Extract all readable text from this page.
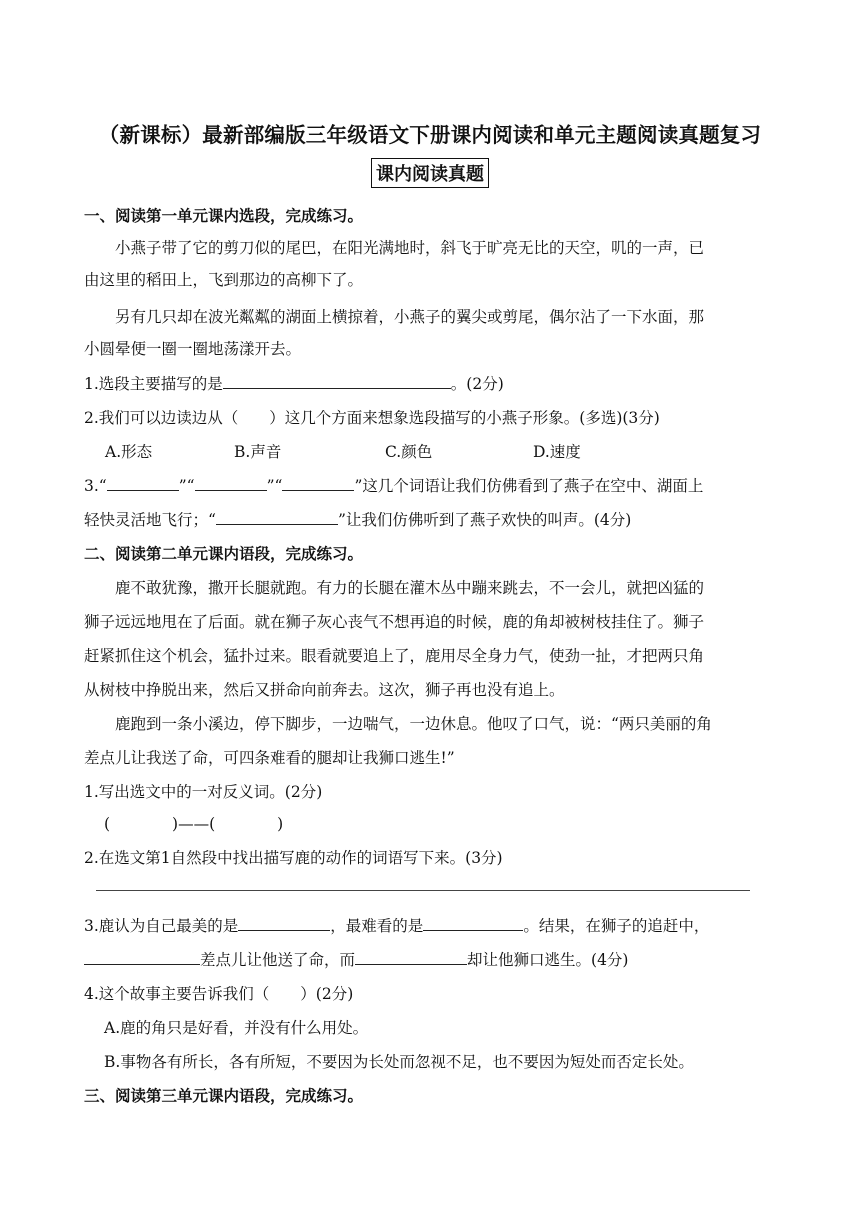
（新课标）最新部编版三年级语文下册课内阅读和单元主题阅读真题复习
课内阅读真题
一、阅读第一单元课内选段，完成练习。
小燕子带了它的剪刀似的尾巴，在阳光满地时，斜飞于旷亮无比的天空，叽的一声，已
由这里的稻田上，飞到那边的高柳下了。
另有几只却在波光粼粼的湖面上横掠着，小燕子的翼尖或剪尾，偶尔沾了一下水面，那
小圆晕便一圈一圈地荡漾开去。
1.选段主要描写的是	。(2分)
2.我们可以边读边从（　　）这几个方面来想象选段描写的小燕子形象。(多选)(3分)
A.形态	B.声音	C.颜色	D.速度
3.“	”“	”“	”这几个词语让我们仿佛看到了燕子在空中、湖面上
轻快灵活地飞行；“	”让我们仿佛听到了燕子欢快的叫声。(4分)
二、阅读第二单元课内语段，完成练习。
鹿不敢犹豫，撒开长腿就跑。有力的长腿在灌木丛中蹦来跳去，不一会儿，就把凶猛的
狮子远远地甩在了后面。就在狮子灰心丧气不想再追的时候，鹿的角却被树枝挂住了。狮子
赶紧抓住这个机会，猛扑过来。眼看就要追上了，鹿用尽全身力气，使劲一扯，才把两只角
从树枝中挣脱出来，然后又拼命向前奔去。这次，狮子再也没有追上。
鹿跑到一条小溪边，停下脚步，一边喘气，一边休息。他叹了口气，说：“两只美丽的角
差点儿让我送了命，可四条难看的腿却让我狮口逃生!”
1.写出选文中的一对反义词。(2分)
(　　　　)——(　　　　)
2.在选文第1自然段中找出描写鹿的动作的词语写下来。(3分)
3.鹿认为自己最美的是	，最难看的是	。结果，在狮子的追赶中，
差点儿让他送了命，而	却让他狮口逃生。(4分)
4.这个故事主要告诉我们（　　）(2分)
A.鹿的角只是好看，并没有什么用处。
B.事物各有所长，各有所短，不要因为长处而忽视不足，也不要因为短处而否定长处。
三、阅读第三单元课内语段，完成练习。
